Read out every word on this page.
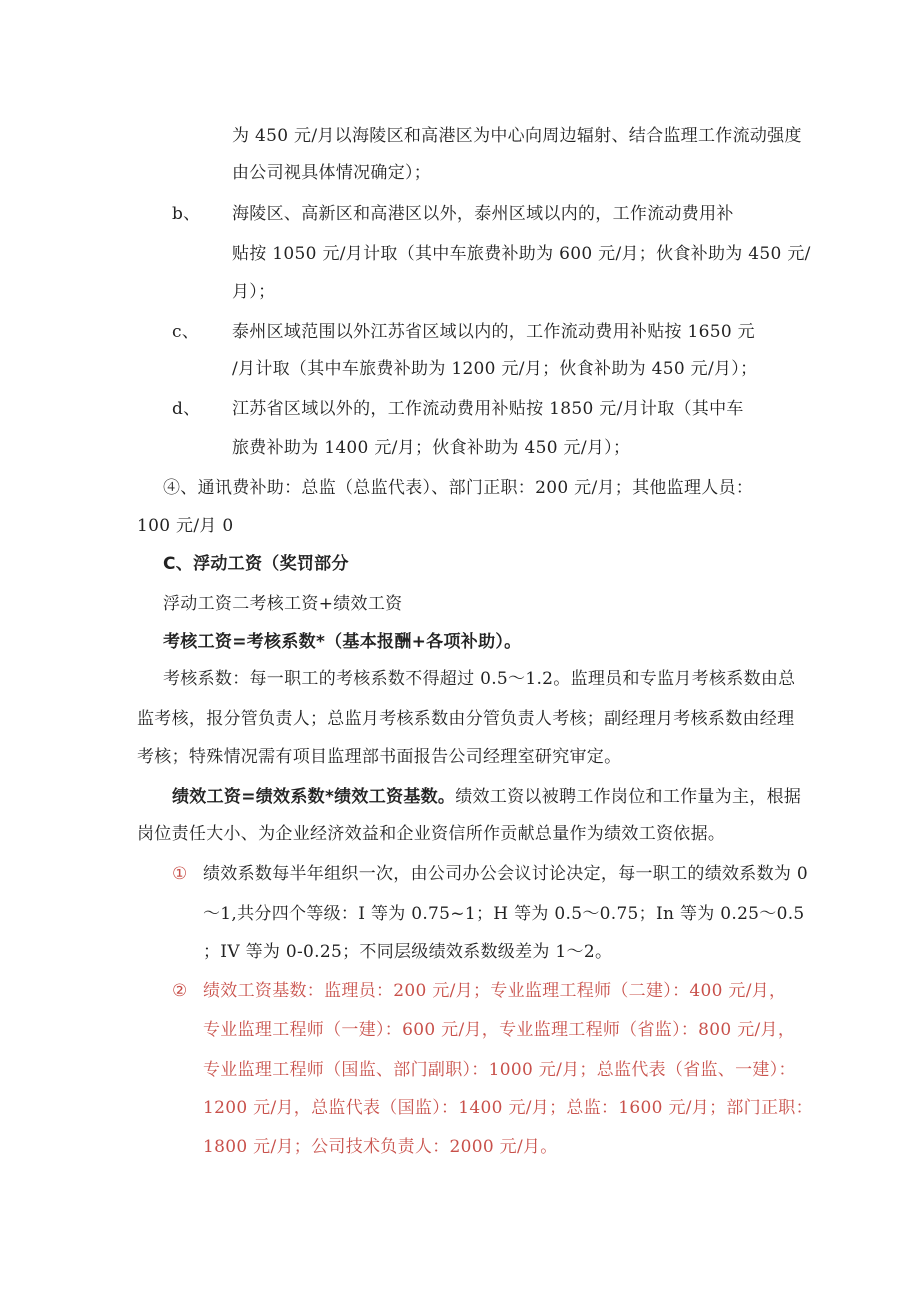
为 450 元/月以海陵区和高港区为中心向周边辐射、结合监理工作流动强度
由公司视具体情况确定）；
b、 海陵区、高新区和高港区以外，泰州区域以内的，工作流动费用补
贴按 1050 元/月计取（其中车旅费补助为 600 元/月；伙食补助为 450 元/
月）；
c、 泰州区域范围以外江苏省区域以内的，工作流动费用补贴按 1650 元
/月计取（其中车旅费补助为 1200 元/月；伙食补助为 450 元/月）；
d、 江苏省区域以外的，工作流动费用补贴按 1850 元/月计取（其中车
旅费补助为 1400 元/月；伙食补助为 450 元/月）；
④、通讯费补助：总监（总监代表）、部门正职：200 元/月；其他监理人员：
100 元/月 0
C、浮动工资（奖罚部分
浮动工资二考核工资+绩效工资
考核工资=考核系数*（基本报酬+各项补助）。
考核系数：每一职工的考核系数不得超过 0.5～1.2。监理员和专监月考核系数由总
监考核，报分管负责人；总监月考核系数由分管负责人考核；副经理月考核系数由经理
考核；特殊情况需有项目监理部书面报告公司经理室研究审定。
绩效工资=绩效系数*绩效工资基数。绩效工资以被聘工作岗位和工作量为主，根据
岗位责任大小、为企业经济效益和企业资信所作贡献总量作为绩效工资依据。
① 绩效系数每半年组织一次，由公司办公会议讨论决定，每一职工的绩效系数为 0
～1,共分四个等级：I 等为 0.75~1；H 等为 0.5～0.75；In 等为 0.25～0.5
；IV 等为 0-0.25；不同层级绩效系数级差为 1～2。
② 绩效工资基数：监理员：200 元/月；专业监理工程师（二建）：400 元/月，
专业监理工程师（一建）：600 元/月，专业监理工程师（省监）：800 元/月，
专业监理工程师（国监、部门副职）：1000 元/月；总监代表（省监、一建）：
1200 元/月，总监代表（国监）：1400 元/月；总监：1600 元/月；部门正职：
1800 元/月；公司技术负责人：2000 元/月。
